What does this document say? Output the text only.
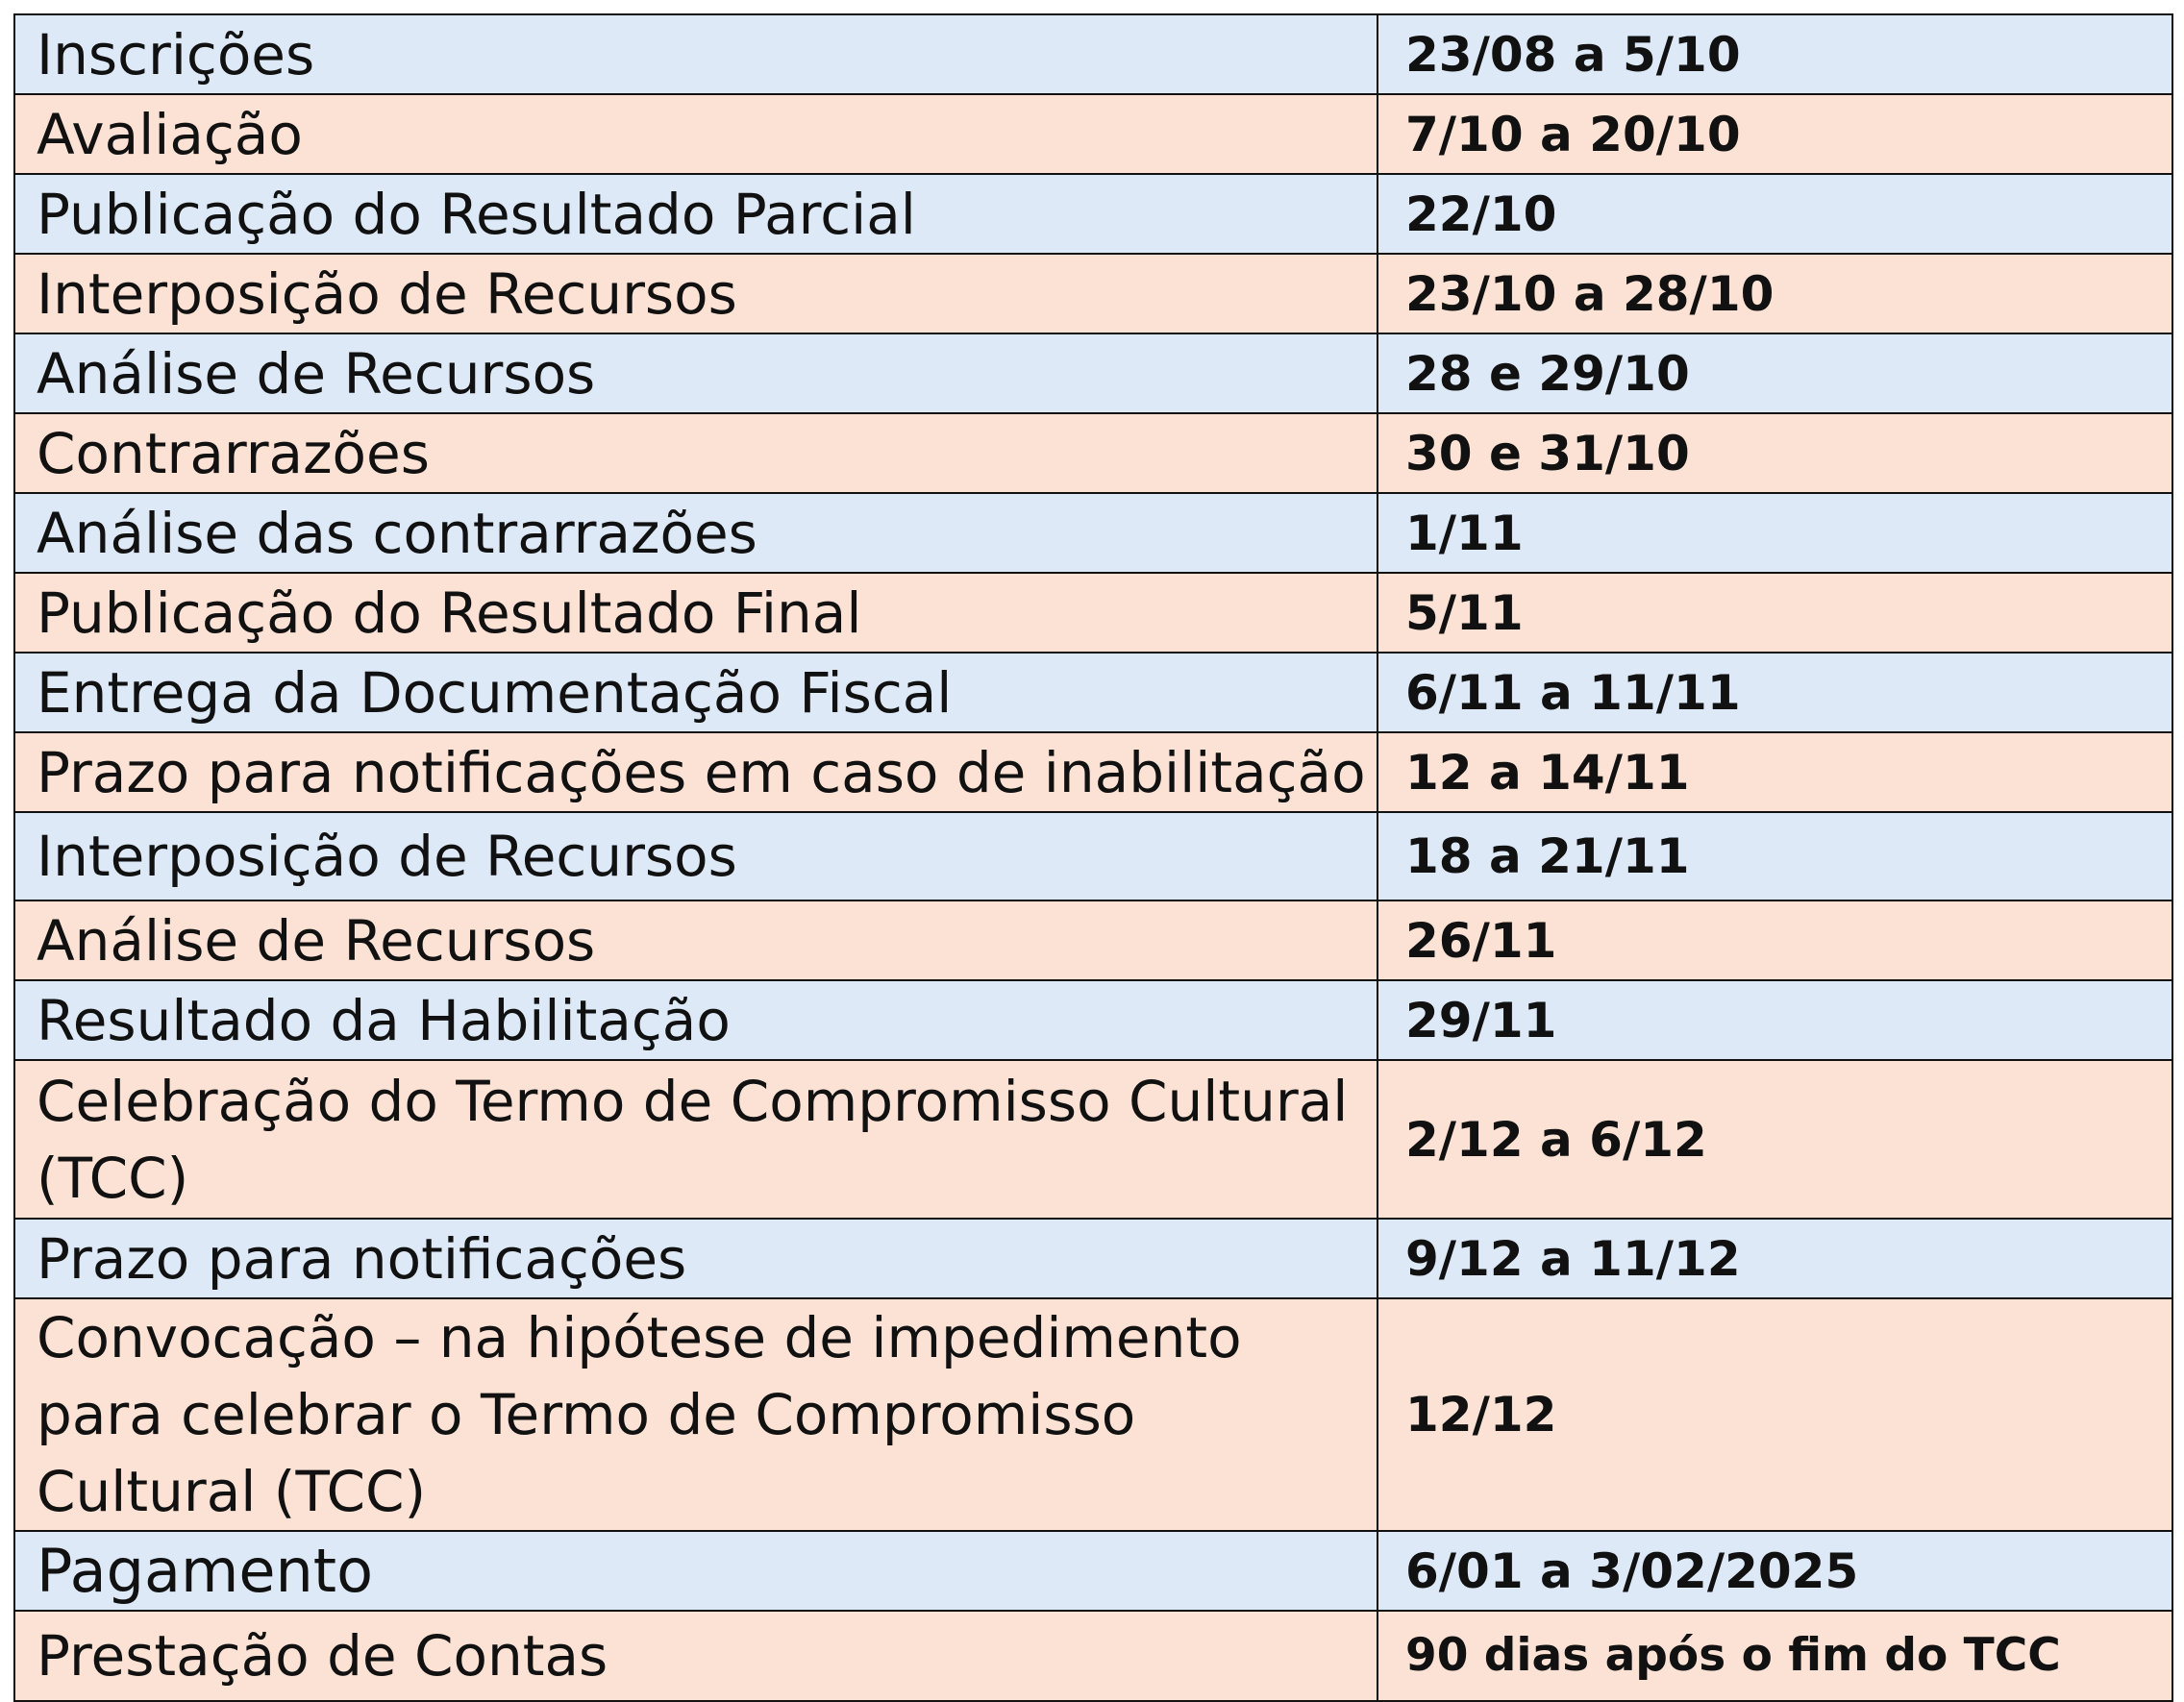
Inscrições	23/08 a 5/10
Avaliação	7/10 a 20/10
Publicação do Resultado Parcial	22/10
Interposição de Recursos	23/10 a 28/10
Análise de Recursos	28 e 29/10
Contrarrazões	30 e 31/10
Análise das contrarrazões	1/11
Publicação do Resultado Final	5/11
Entrega da Documentação Fiscal	6/11 a 11/11
Prazo para notificações em caso de inabilitação	12 a 14/11
Interposição de Recursos	18 a 21/11
Análise de Recursos	26/11
Resultado da Habilitação	29/11
Celebração do Termo de Compromisso Cultural (TCC)	2/12 a 6/12
Prazo para notificações	9/12 a 11/12
Convocação – na hipótese de impedimento para celebrar o Termo de Compromisso Cultural (TCC)	12/12
Pagamento	6/01 a 3/02/2025
Prestação de Contas	90 dias após o fim do TCC
